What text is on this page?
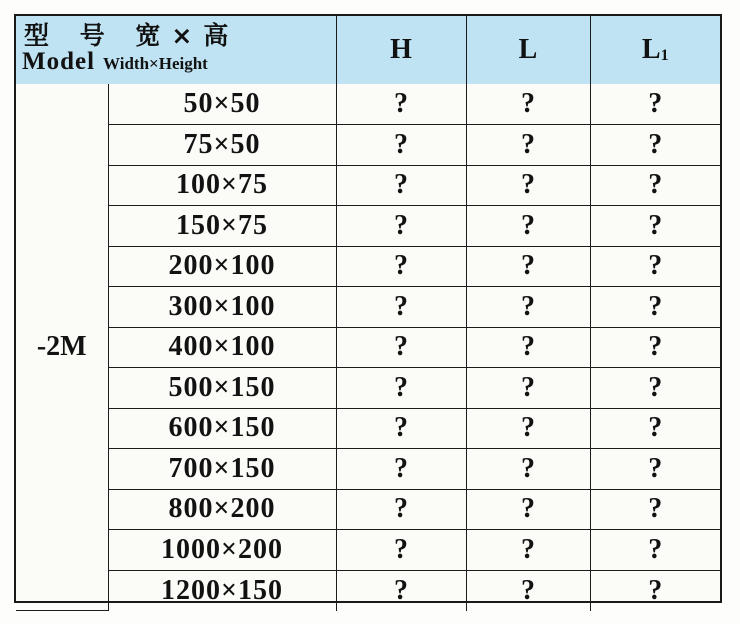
型 号 宽×高
Model Width×Height		H	L	$L_1$
-2M	50×50	?	?	?
	75×50	?	?	?
	100×75	?	?	?
	150×75	?	?	?
	200×100	?	?	?
	300×100	?	?	?
	400×100	?	?	?
	500×150	?	?	?
	600×150	?	?	?
	700×150	?	?	?
	800×200	?	?	?
	1000×200	?	?	?
	1200×150	?	?	?
